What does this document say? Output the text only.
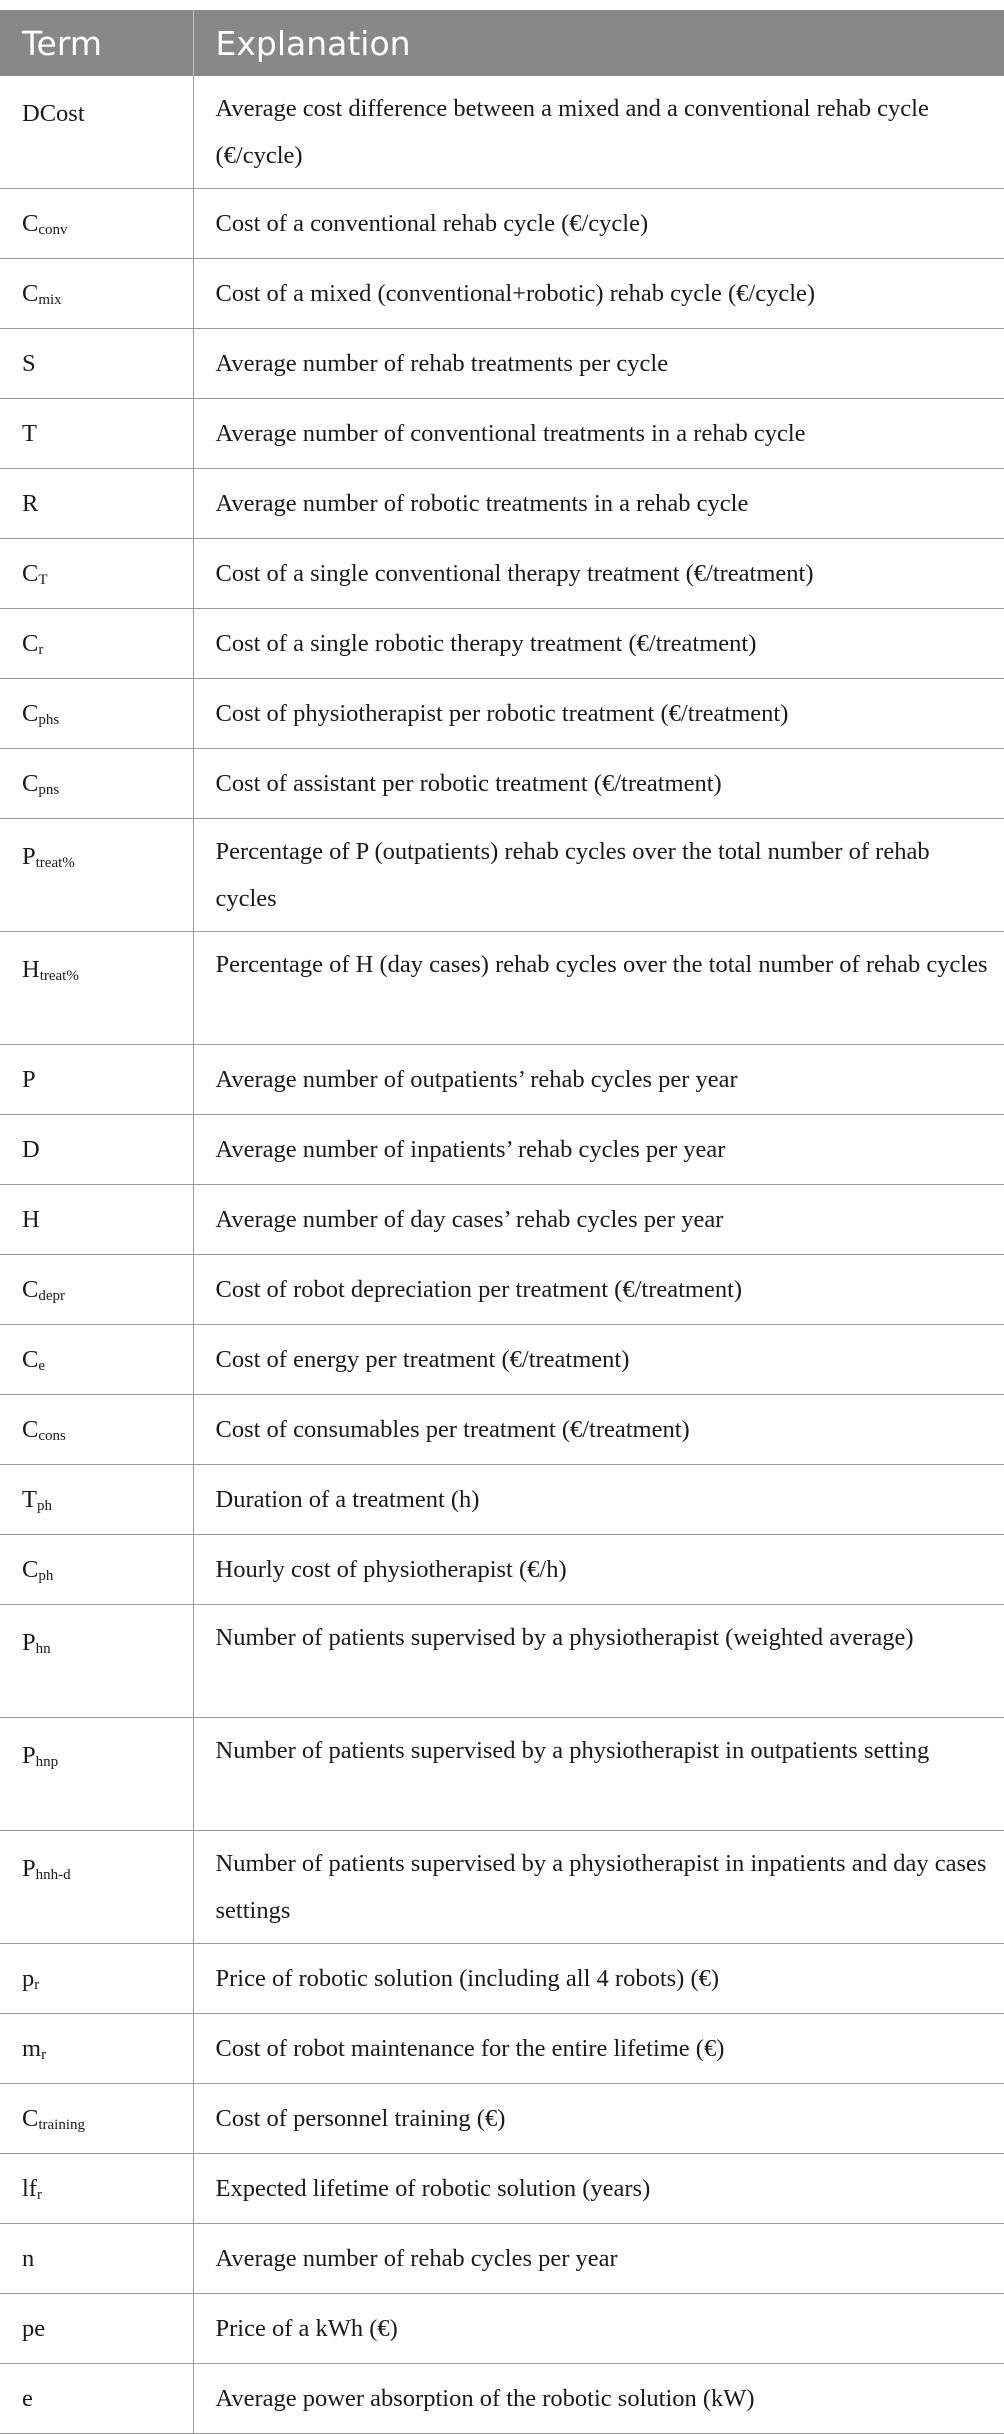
Term	Explanation
DCost	Average cost difference between a mixed and a conventional rehab cycle (€/cycle)
$C_{conv}$	Cost of a conventional rehab cycle (€/cycle)
$C_{mix}$	Cost of a mixed (conventional+robotic) rehab cycle (€/cycle)
S	Average number of rehab treatments per cycle
T	Average number of conventional treatments in a rehab cycle
R	Average number of robotic treatments in a rehab cycle
$C_T$	Cost of a single conventional therapy treatment (€/treatment)
$C_r$	Cost of a single robotic therapy treatment (€/treatment)
$C_{phs}$	Cost of physiotherapist per robotic treatment (€/treatment)
$C_{pns}$	Cost of assistant per robotic treatment (€/treatment)
$P_{treat\%}$	Percentage of P (outpatients) rehab cycles over the total number of rehab cycles
$H_{treat\%}$	Percentage of H (day cases) rehab cycles over the total number of rehab cycles
P	Average number of outpatients’ rehab cycles per year
D	Average number of inpatients’ rehab cycles per year
H	Average number of day cases’ rehab cycles per year
$C_{depr}$	Cost of robot depreciation per treatment (€/treatment)
$C_e$	Cost of energy per treatment (€/treatment)
$C_{cons}$	Cost of consumables per treatment (€/treatment)
$T_{ph}$	Duration of a treatment (h)
$C_{ph}$	Hourly cost of physiotherapist (€/h)
$P_{hn}$	Number of patients supervised by a physiotherapist (weighted average)
$P_{hnp}$	Number of patients supervised by a physiotherapist in outpatients setting
$P_{hnh-d}$	Number of patients supervised by a physiotherapist in inpatients and day cases settings
$p_r$	Price of robotic solution (including all 4 robots) (€)
$m_r$	Cost of robot maintenance for the entire lifetime (€)
$C_{training}$	Cost of personnel training (€)
$lf_r$	Expected lifetime of robotic solution (years)
n	Average number of rehab cycles per year
pe	Price of a kWh (€)
e	Average power absorption of the robotic solution (kW)
